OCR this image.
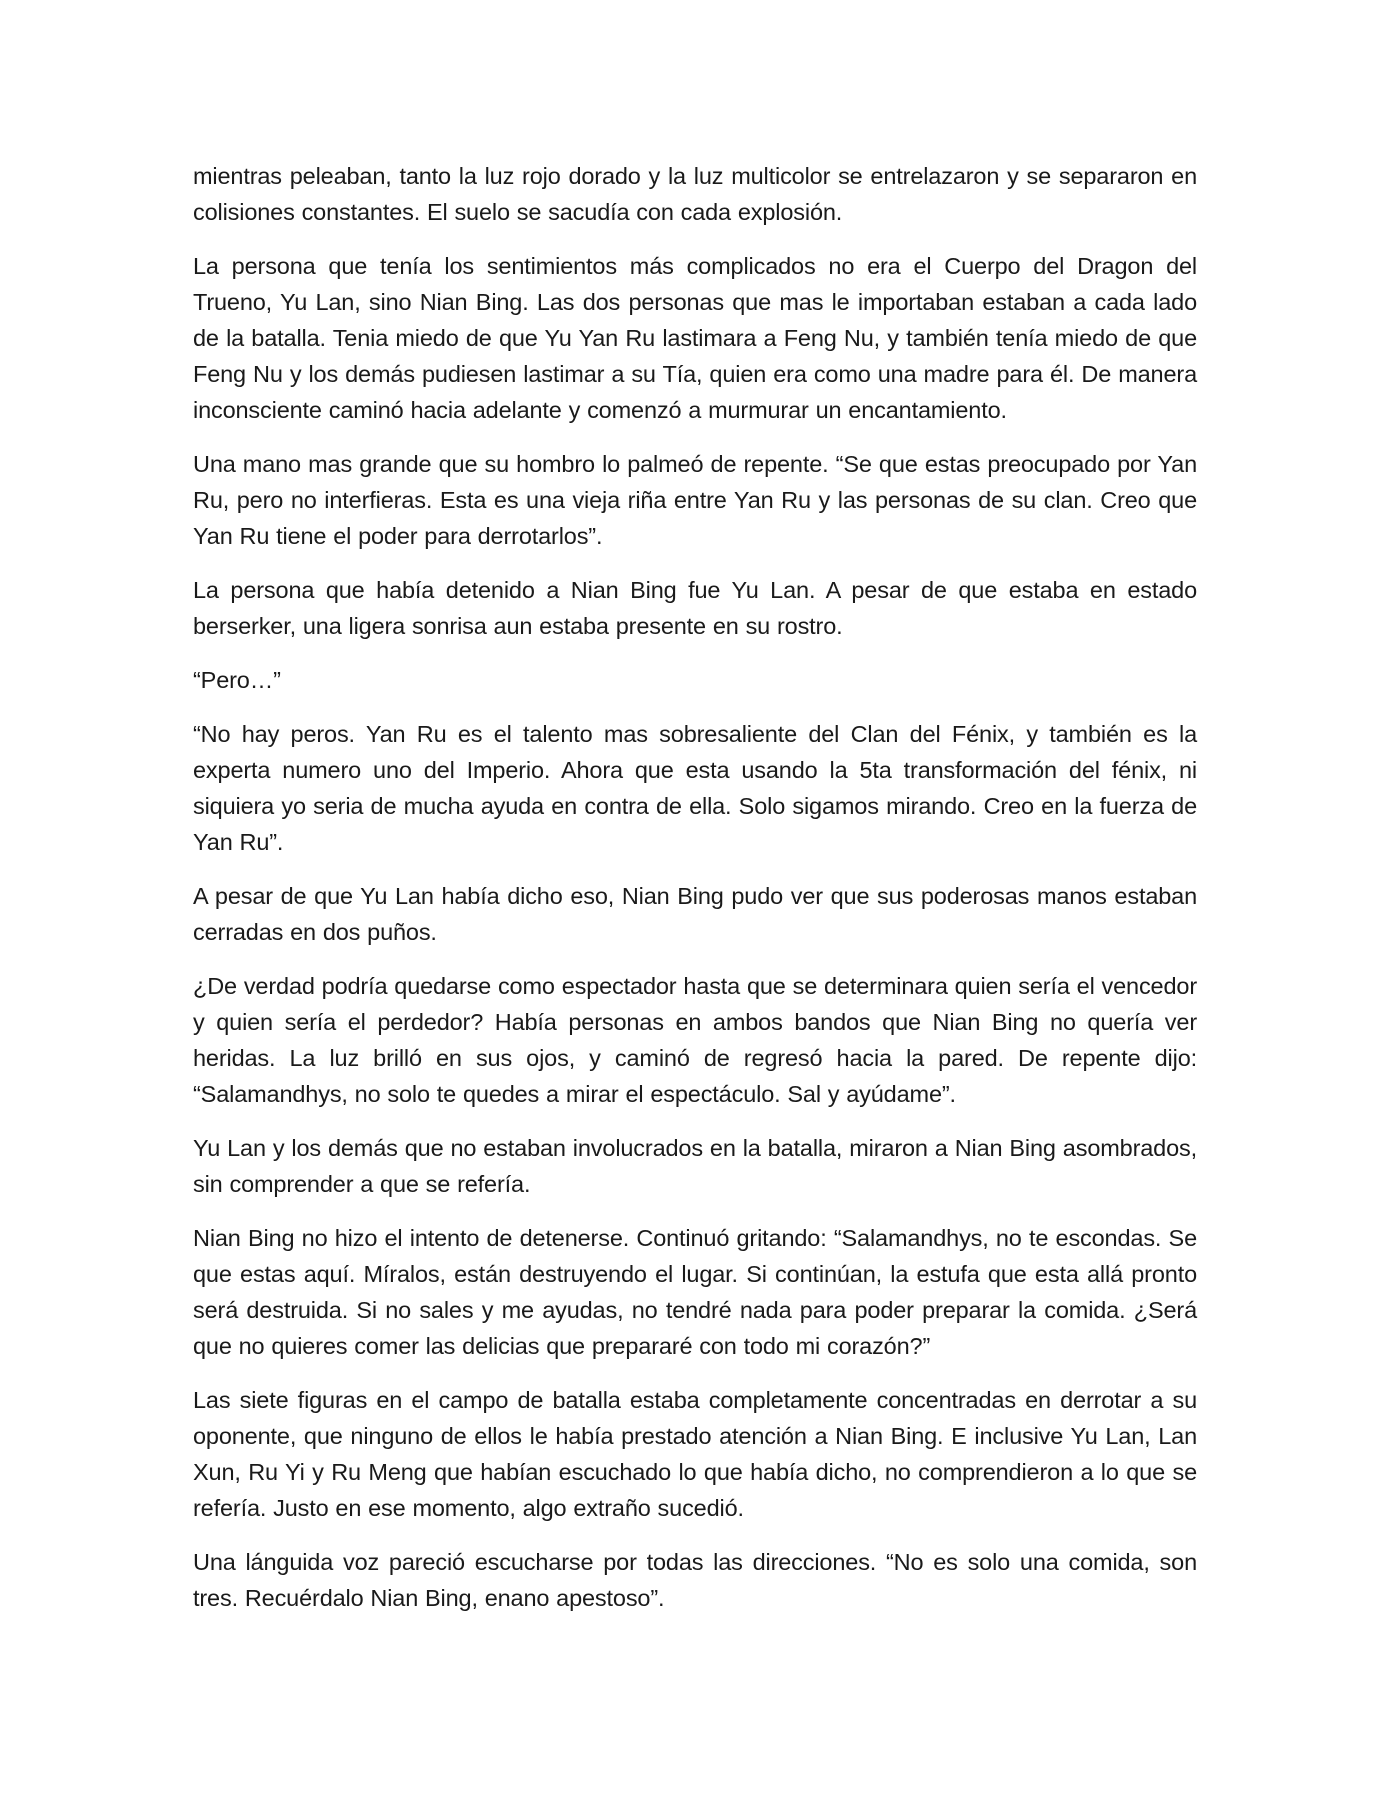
mientras peleaban, tanto la luz rojo dorado y la luz multicolor se entrelazaron y se separaron en colisiones constantes. El suelo se sacudía con cada explosión.

La persona que tenía los sentimientos más complicados no era el Cuerpo del Dragon del Trueno, Yu Lan, sino Nian Bing. Las dos personas que mas le importaban estaban a cada lado de la batalla. Tenia miedo de que Yu Yan Ru lastimara a Feng Nu, y también tenía miedo de que Feng Nu y los demás pudiesen lastimar a su Tía, quien era como una madre para él. De manera inconsciente caminó hacia adelante y comenzó a murmurar un encantamiento.

Una mano mas grande que su hombro lo palmeó de repente. “Se que estas preocupado por Yan Ru, pero no interfieras. Esta es una vieja riña entre Yan Ru y las personas de su clan. Creo que Yan Ru tiene el poder para derrotarlos”.

La persona que había detenido a Nian Bing fue Yu Lan. A pesar de que estaba en estado berserker, una ligera sonrisa aun estaba presente en su rostro.

“Pero…”

“No hay peros. Yan Ru es el talento mas sobresaliente del Clan del Fénix, y también es la experta numero uno del Imperio. Ahora que esta usando la 5ta transformación del fénix, ni siquiera yo seria de mucha ayuda en contra de ella. Solo sigamos mirando. Creo en la fuerza de Yan Ru”.

A pesar de que Yu Lan había dicho eso, Nian Bing pudo ver que sus poderosas manos estaban cerradas en dos puños.

¿De verdad podría quedarse como espectador hasta que se determinara quien sería el vencedor y quien sería el perdedor? Había personas en ambos bandos que Nian Bing no quería ver heridas. La luz brilló en sus ojos, y caminó de regresó hacia la pared. De repente dijo: “Salamandhys, no solo te quedes a mirar el espectáculo. Sal y ayúdame”.

Yu Lan y los demás que no estaban involucrados en la batalla, miraron a Nian Bing asombrados, sin comprender a que se refería.

Nian Bing no hizo el intento de detenerse. Continuó gritando: “Salamandhys, no te escondas. Se que estas aquí. Míralos, están destruyendo el lugar. Si continúan, la estufa que esta allá pronto será destruida. Si no sales y me ayudas, no tendré nada para poder preparar la comida. ¿Será que no quieres comer las delicias que prepararé con todo mi corazón?”

Las siete figuras en el campo de batalla estaba completamente concentradas en derrotar a su oponente, que ninguno de ellos le había prestado atención a Nian Bing. E inclusive Yu Lan, Lan Xun, Ru Yi y Ru Meng que habían escuchado lo que había dicho, no comprendieron a lo que se refería. Justo en ese momento, algo extraño sucedió.

Una lánguida voz pareció escucharse por todas las direcciones. “No es solo una comida, son tres. Recuérdalo Nian Bing, enano apestoso”.
